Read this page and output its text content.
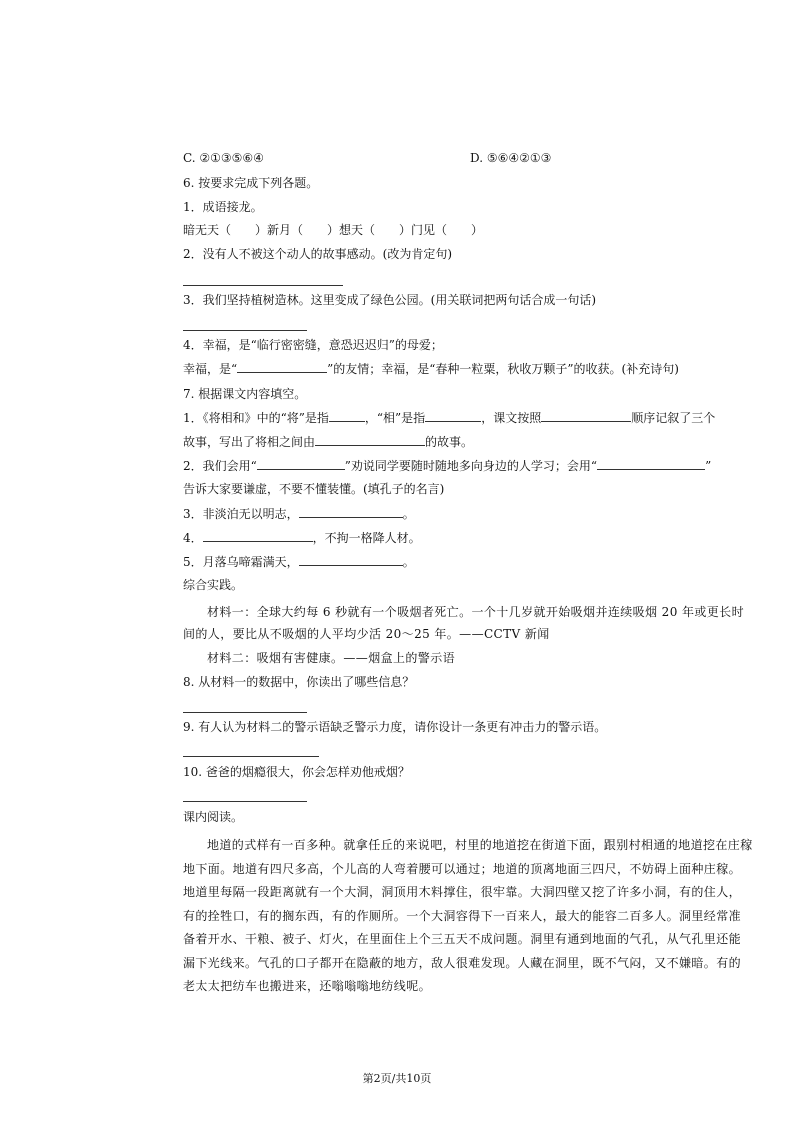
C. ②①③⑤⑥④	D. ⑤⑥④②①③
6. 按要求完成下列各题。
1．成语接龙。
暗无天（　　）新月（　　）想天（　　）门见（　　）
2．没有人不被这个动人的故事感动。(改为肯定句)
3．我们坚持植树造林。这里变成了绿色公园。(用关联词把两句话合成一句话)
4．幸福，是“临行密密缝，意恐迟迟归”的母爱；
幸福，是“	”的友情；幸福，是“春种一粒粟，秋收万颗子”的收获。(补充诗句)
7. 根据课文内容填空。
1．《将相和》中的“将”是指	，“相”是指	，课文按照	顺序记叙了三个
故事，写出了将相之间由	的故事。
2．我们会用“	”劝说同学要随时随地多向身边的人学习；会用“	”
告诉大家要谦虚，不要不懂装懂。(填孔子的名言)
3．非淡泊无以明志，	。
4．	，不拘一格降人材。
5．月落乌啼霜满天，	。
综合实践。
材料一：全球大约每 6 秒就有一个吸烟者死亡。一个十几岁就开始吸烟并连续吸烟 20 年或更长时间的人，要比从不吸烟的人平均少活 20～25 年。——CCTV 新闻
材料二：吸烟有害健康。——烟盒上的警示语
8. 从材料一的数据中，你读出了哪些信息？
9. 有人认为材料二的警示语缺乏警示力度，请你设计一条更有冲击力的警示语。
10. 爸爸的烟瘾很大，你会怎样劝他戒烟？
课内阅读。
地道的式样有一百多种。就拿任丘的来说吧，村里的地道挖在街道下面，跟别村相通的地道挖在庄稼地下面。地道有四尺多高，个儿高的人弯着腰可以通过；地道的顶离地面三四尺，不妨碍上面种庄稼。地道里每隔一段距离就有一个大洞，洞顶用木料撑住，很牢靠。大洞四壁又挖了许多小洞，有的住人，有的拴牲口，有的搁东西，有的作厕所。一个大洞容得下一百来人，最大的能容二百多人。洞里经常准备着开水、干粮、被子、灯火，在里面住上个三五天不成问题。洞里有通到地面的气孔，从气孔里还能漏下光线来。气孔的口子都开在隐蔽的地方，敌人很难发现。人藏在洞里，既不气闷，又不嫌暗。有的老太太把纺车也搬进来，还嗡嗡嗡地纺线呢。
第2页/共10页
